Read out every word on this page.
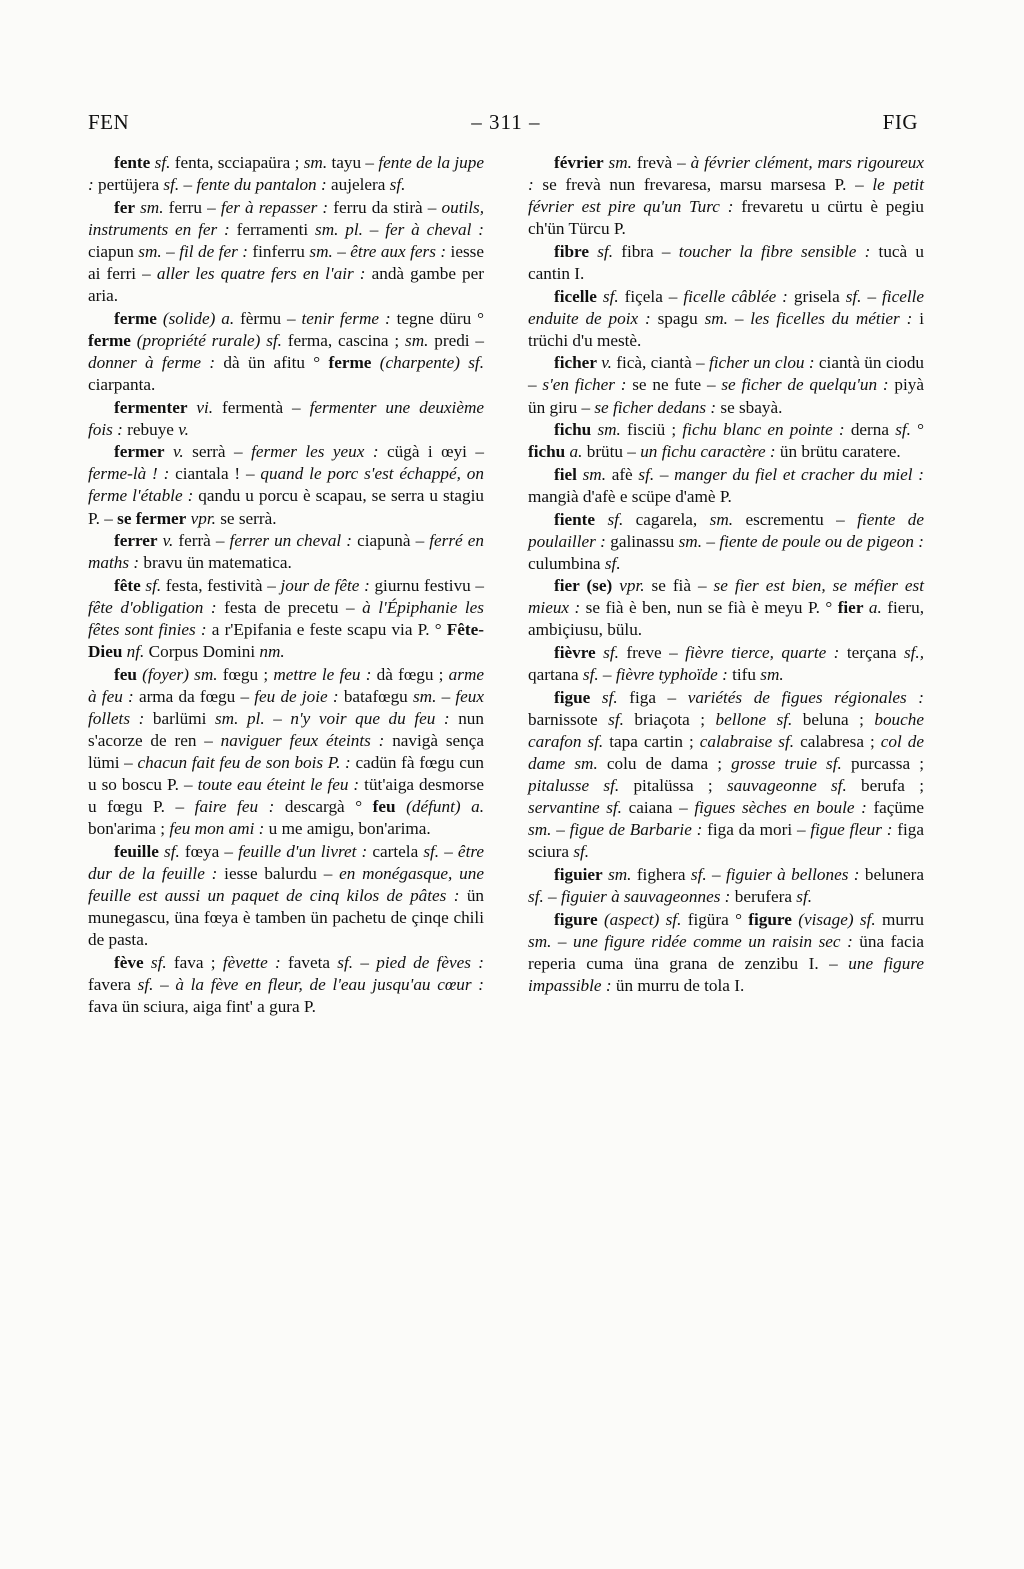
FEN	– 311 –	FIG

fente sf. fenta, scciapaüra ; sm. tayu – fente de la jupe : pertüjera sf. – fente du pantalon : aujelera sf.

fer sm. ferru – fer à repasser : ferru da stirà – outils, instruments en fer : ferramenti sm. pl. – fer à cheval : ciapun sm. – fil de fer : finferru sm. – être aux fers : iesse ai ferri – aller les quatre fers en l'air : andà gambe per aria.

ferme (solide) a. fèrmu – tenir ferme : tegne düru ° ferme (propriété rurale) sf. ferma, cascina ; sm. predi – donner à ferme : dà ün afitu ° ferme (charpente) sf. ciarpanta.

fermenter vi. fermentà – fermenter une deuxième fois : rebuye v.

fermer v. serrà – fermer les yeux : cügà i œyi – ferme-là ! : ciantala ! – quand le porc s'est échappé, on ferme l'étable : qandu u porcu è scapau, se serra u stagiu P. – se fermer vpr. se serrà.

ferrer v. ferrà – ferrer un cheval : ciapunà – ferré en maths : bravu ün matematica.

fête sf. festa, festività – jour de fête : giurnu festivu – fête d'obligation : festa de precetu – à l'Épiphanie les fêtes sont finies : a r'Epifania e feste scapu via P. ° Fête-Dieu nf. Corpus Domini nm.

feu (foyer) sm. fœgu ; mettre le feu : dà fœgu ; arme à feu : arma da fœgu – feu de joie : batafœgu sm. – feux follets : barlümi sm. pl. – n'y voir que du feu : nun s'acorze de ren – naviguer feux éteints : navigà sença lümi – chacun fait feu de son bois P. : cadün fà fœgu cun u so boscu P. – toute eau éteint le feu : tüt'aiga desmorse u fœgu P. – faire feu : descargà ° feu (défunt) a. bon'arima ; feu mon ami : u me amigu, bon'arima.

feuille sf. fœya – feuille d'un livret : cartela sf. – être dur de la feuille : iesse balurdu – en monégasque, une feuille est aussi un paquet de cinq kilos de pâtes : ün munegascu, üna fœya è tamben ün pachetu de çinqe chili de pasta.

fève sf. fava ; fèvette : faveta sf. – pied de fèves : favera sf. – à la fève en fleur, de l'eau jusqu'au cœur : fava ün sciura, aiga fint' a gura P.

février sm. frevà – à février clément, mars rigoureux : se frevà nun frevaresa, marsu marsesa P. – le petit février est pire qu'un Turc : frevaretu u cürtu è pegiu ch'ün Türcu P.

fibre sf. fibra – toucher la fibre sensible : tucà u cantin I.

ficelle sf. fiçela – ficelle câblée : grisela sf. – ficelle enduite de poix : spagu sm. – les ficelles du métier : i trüchi d'u mestè.

ficher v. ficà, ciantà – ficher un clou : ciantà ün ciodu – s'en ficher : se ne fute – se ficher de quelqu'un : piyà ün giru – se ficher dedans : se sbayà.

fichu sm. fisciü ; fichu blanc en pointe : derna sf. ° fichu a. brütu – un fichu caractère : ün brütu caratere.

fiel sm. afè sf. – manger du fiel et cracher du miel : mangià d'afè e scüpe d'amè P.

fiente sf. cagarela, sm. escrementu – fiente de poulailler : galinassu sm. – fiente de poule ou de pigeon : culumbina sf.

fier (se) vpr. se fià – se fier est bien, se méfier est mieux : se fià è ben, nun se fià è meyu P. ° fier a. fieru, ambiçiusu, bülu.

fièvre sf. freve – fièvre tierce, quarte : terçana sf., qartana sf. – fièvre typhoïde : tifu sm.

figue sf. figa – variétés de figues régionales : barnissote sf. briaçota ; bellone sf. beluna ; bouche carafon sf. tapa cartin ; calabraise sf. calabresa ; col de dame sm. colu de dama ; grosse truie sf. purcassa ; pitalusse sf. pitalüssa ; sauvageonne sf. berufa ; servantine sf. caiana – figues sèches en boule : façüme sm. – figue de Barbarie : figa da mori – figue fleur : figa sciura sf.

figuier sm. fighera sf. – figuier à bellones : belunera sf. – figuier à sauvageonnes : berufera sf.

figure (aspect) sf. figüra ° figure (visage) sf. murru sm. – une figure ridée comme un raisin sec : üna facia reperia cuma üna grana de zenzibu I. – une figure impassible : ün murru de tola I.
